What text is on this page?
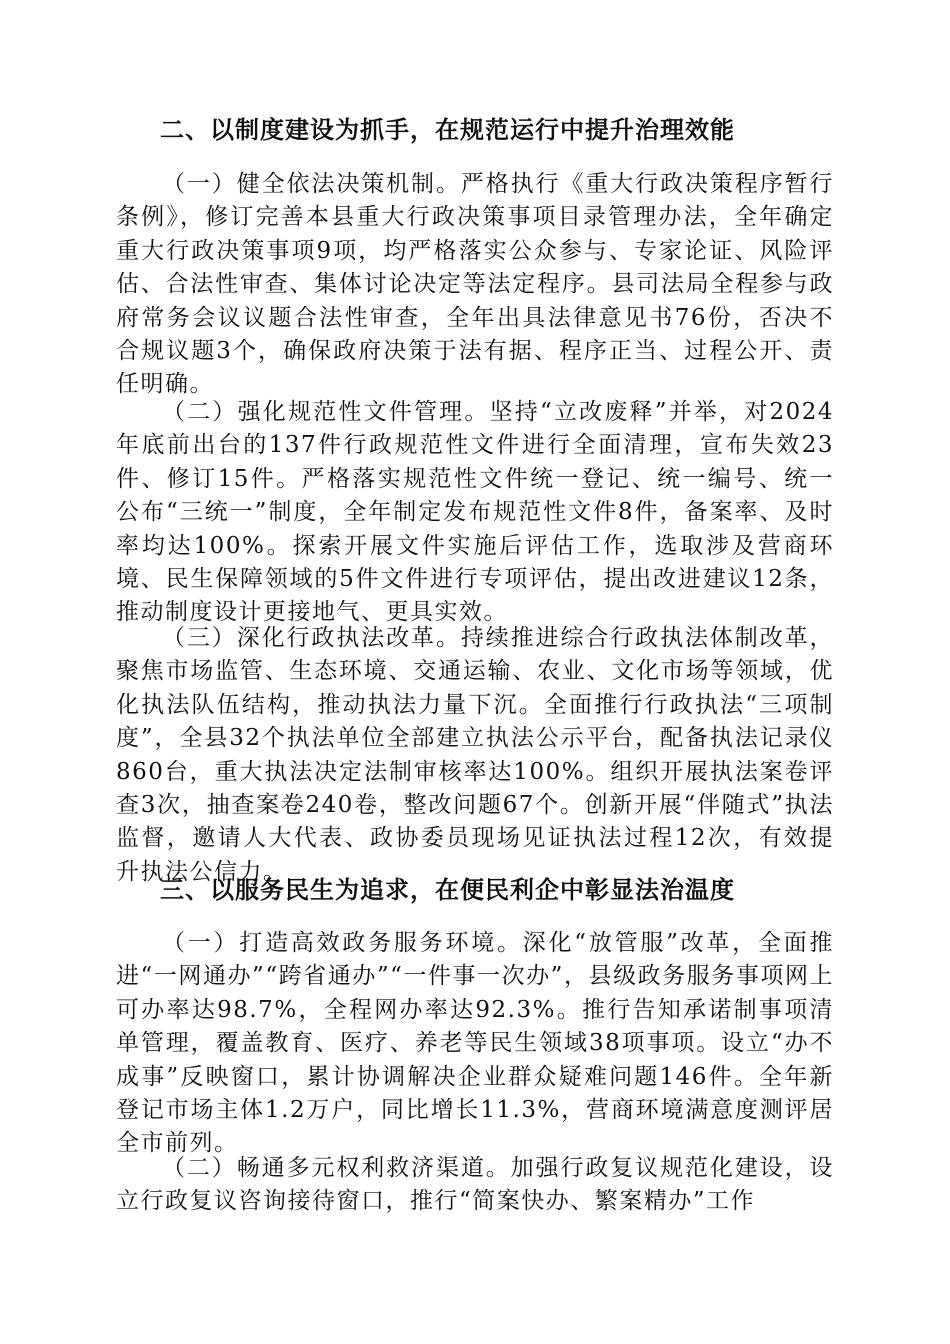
二、以制度建设为抓手，在规范运行中提升治理效能
（一）健全依法决策机制。严格执行《重大行政决策程序暂行条例》，修订完善本县重大行政决策事项目录管理办法，全年确定重大行政决策事项9项，均严格落实公众参与、专家论证、风险评估、合法性审查、集体讨论决定等法定程序。县司法局全程参与政府常务会议议题合法性审查，全年出具法律意见书76份，否决不合规议题3个，确保政府决策于法有据、程序正当、过程公开、责任明确。
（二）强化规范性文件管理。坚持“立改废释”并举，对2024年底前出台的137件行政规范性文件进行全面清理，宣布失效23件、修订15件。严格落实规范性文件统一登记、统一编号、统一公布“三统一”制度，全年制定发布规范性文件8件，备案率、及时率均达100%。探索开展文件实施后评估工作，选取涉及营商环境、民生保障领域的5件文件进行专项评估，提出改进建议12条，推动制度设计更接地气、更具实效。
（三）深化行政执法改革。持续推进综合行政执法体制改革，聚焦市场监管、生态环境、交通运输、农业、文化市场等领域，优化执法队伍结构，推动执法力量下沉。全面推行行政执法“三项制度”，全县32个执法单位全部建立执法公示平台，配备执法记录仪860台，重大执法决定法制审核率达100%。组织开展执法案卷评查3次，抽查案卷240卷，整改问题67个。创新开展“伴随式”执法监督，邀请人大代表、政协委员现场见证执法过程12次，有效提升执法公信力。
三、以服务民生为追求，在便民利企中彰显法治温度
（一）打造高效政务服务环境。深化“放管服”改革，全面推进“一网通办”“跨省通办”“一件事一次办”，县级政务服务事项网上可办率达98.7%，全程网办率达92.3%。推行告知承诺制事项清单管理，覆盖教育、医疗、养老等民生领域38项事项。设立“办不成事”反映窗口，累计协调解决企业群众疑难问题146件。全年新登记市场主体1.2万户，同比增长11.3%，营商环境满意度测评居全市前列。
（二）畅通多元权利救济渠道。加强行政复议规范化建设，设立行政复议咨询接待窗口，推行“简案快办、繁案精办”工作
